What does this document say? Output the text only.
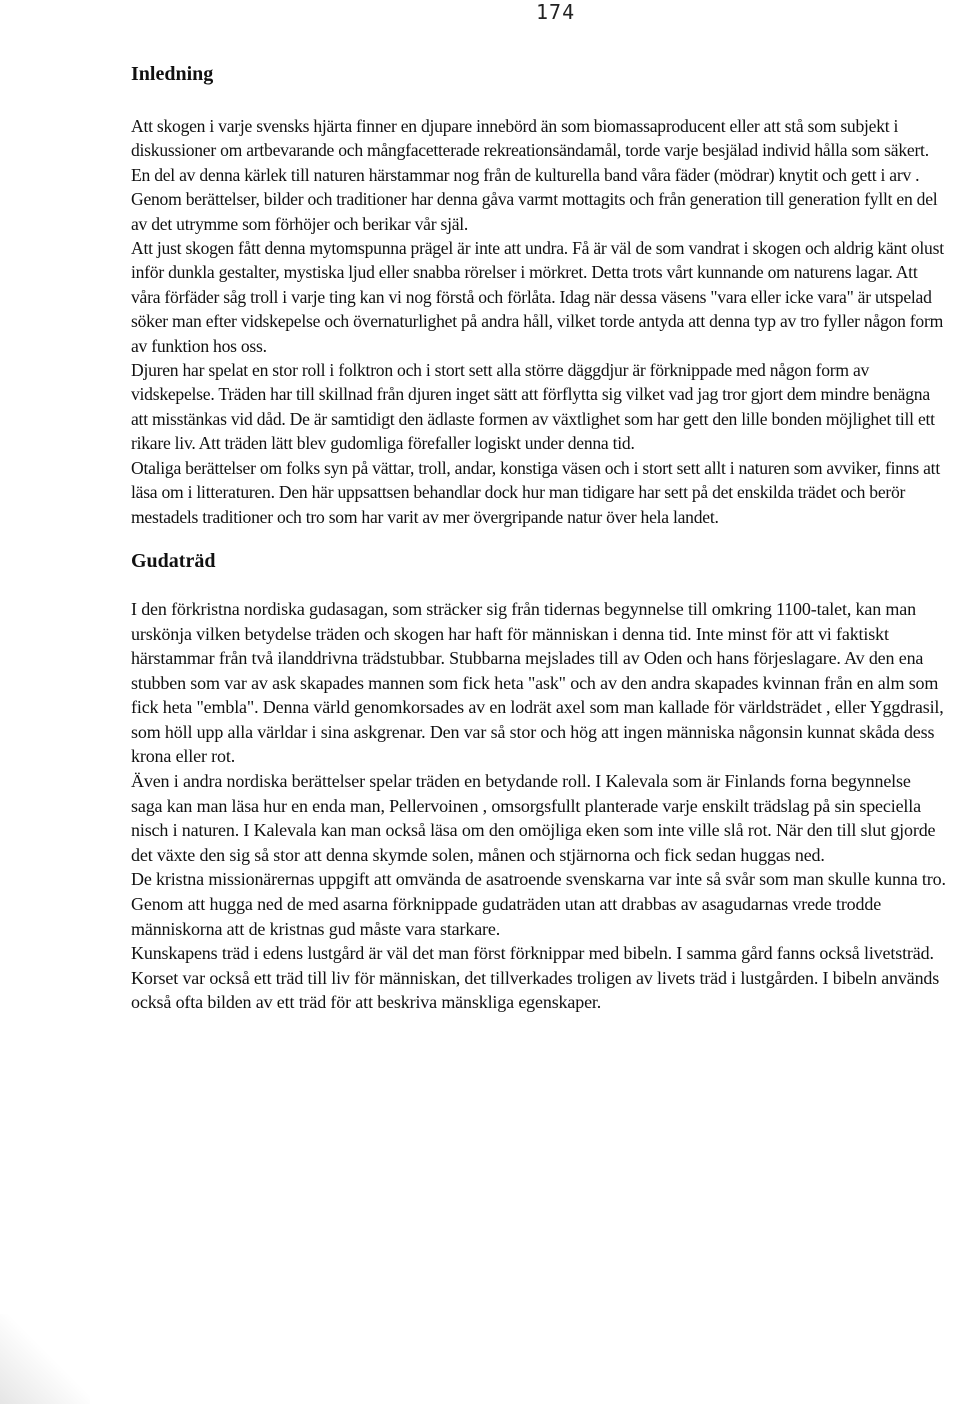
174
Inledning

Att skogen i varje svensks hjärta finner en djupare innebörd än som biomassaproducent eller att stå som subjekt i diskussioner om artbevarande och mångfacetterade rekreationsändamål, torde varje besjälad individ hålla som säkert. En del av denna kärlek till naturen härstammar nog från de kulturella band våra fäder (mödrar) knytit och gett i arv . Genom berättelser, bilder och traditioner har denna gåva varmt mottagits och från generation till generation fyllt en del av det utrymme som förhöjer och berikar vår själ.

Att just skogen fått denna mytomspunna prägel är inte att undra. Få är väl de som vandrat i skogen och aldrig känt olust inför dunkla gestalter, mystiska ljud eller snabba rörelser i mörkret. Detta trots vårt kunnande om naturens lagar. Att våra förfäder såg troll i varje ting kan vi nog förstå och förlåta. Idag när dessa väsens "vara eller icke vara" är utspelad söker man efter vidskepelse och övernaturlighet på andra håll, vilket torde antyda att denna typ av tro fyller någon form av funktion hos oss.

Djuren har spelat en stor roll i folktron och i stort sett alla större däggdjur är förknippade med någon form av vidskepelse. Träden har till skillnad från djuren inget sätt att förflytta sig vilket vad jag tror gjort dem mindre benägna att misstänkas vid dåd. De är samtidigt den ädlaste formen av växtlighet som har gett den lille bonden möjlighet till ett rikare liv. Att träden lätt blev gudomliga förefaller logiskt under denna tid.

Otaliga berättelser om folks syn på vättar, troll, andar, konstiga väsen och i stort sett allt i naturen som avviker, finns att läsa om i litteraturen. Den här uppsattsen behandlar dock hur man tidigare har sett på det enskilda trädet och berör mestadels traditioner och tro som har varit av mer övergripande natur över hela landet.

Gudaträd

I den förkristna nordiska gudasagan, som sträcker sig från tidernas begynnelse till omkring 1100-talet, kan man urskönja vilken betydelse träden och skogen har haft för människan i denna tid. Inte minst för att vi faktiskt härstammar från två ilanddrivna trädstubbar. Stubbarna mejslades till av Oden och hans förjeslagare. Av den ena stubben som var av ask skapades mannen som fick heta "ask" och av den andra skapades kvinnan från en alm som fick heta "embla". Denna värld genomkorsades av en lodrät axel som man kallade för världsträdet , eller Yggdrasil, som höll upp alla världar i sina askgrenar. Den var så stor och hög att ingen människa någonsin kunnat skåda dess krona eller rot.

Även i andra nordiska berättelser spelar träden en betydande roll. I Kalevala som är Finlands forna begynnelse saga kan man läsa hur en enda man, Pellervoinen , omsorgsfullt planterade varje enskilt trädslag på sin speciella nisch i naturen. I Kalevala kan man också läsa om den omöjliga eken som inte ville slå rot. När den till slut gjorde det växte den sig så stor att denna skymde solen, månen och stjärnorna och fick sedan huggas ned.

De kristna missionärernas uppgift att omvända de asatroende svenskarna var inte så svår som man skulle kunna tro. Genom att hugga ned de med asarna förknippade gudaträden utan att drabbas av asagudarnas vrede trodde människorna att de kristnas gud måste vara starkare.

Kunskapens träd i edens lustgård är väl det man först förknippar med bibeln. I samma gård fanns också livetsträd. Korset var också ett träd till liv för människan, det tillverkades troligen av livets träd i lustgården. I bibeln används också ofta bilden av ett träd för att beskriva mänskliga egenskaper.
